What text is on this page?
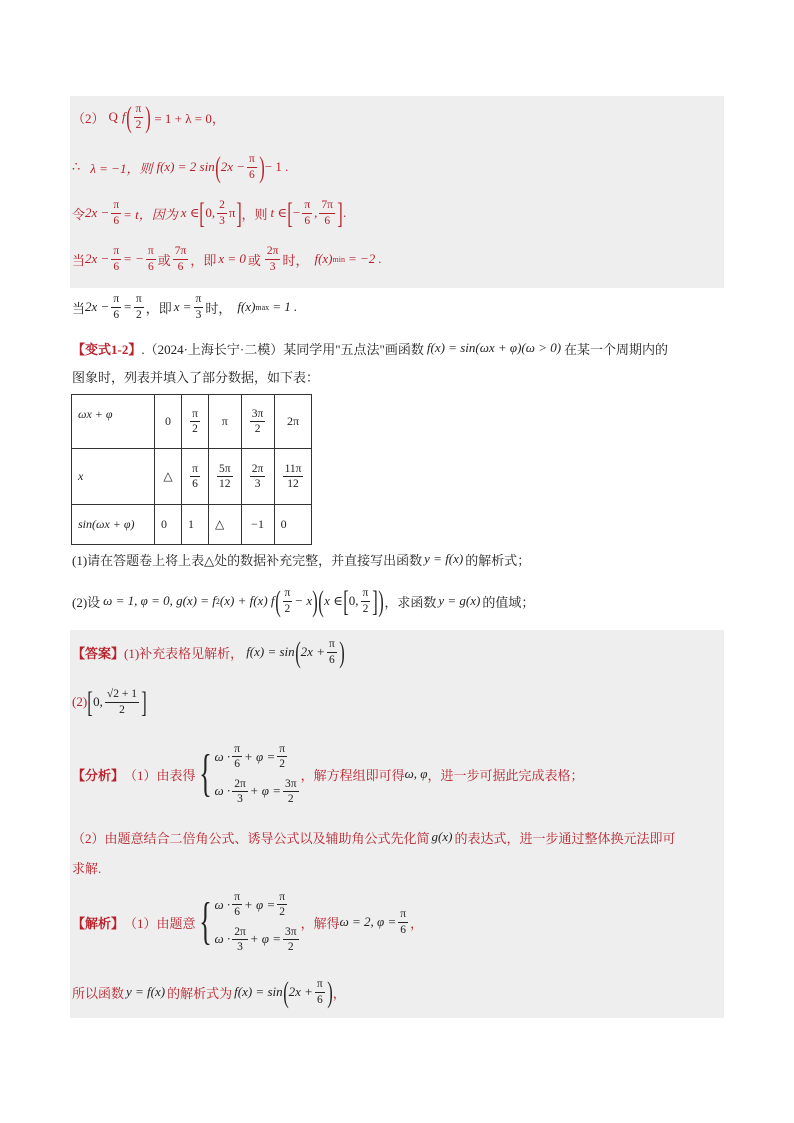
（2） Q f ( $\frac{\pi}{2}$ ) = 1 + λ = 0，
∴ λ = −1，则 f(x) = 2 sin ( $2x - \frac{\pi}{6}$ ) − 1 .
令 $2x - \frac{\pi}{6} = t$，因为 x ∈ [ 0, $\frac{2}{3}$ π ] ，则 t ∈ [ − $\frac{\pi}{6}$ , $\frac{7\pi}{6}$ ] .
当 $2x - \frac{\pi}{6}$ = − $\frac{\pi}{6}$ 或 $\frac{7\pi}{6}$ ，即 x = 0 或 $\frac{2\pi}{3}$ 时， f(x) min = −2 .
当 $2x - \frac{\pi}{6} = \frac{\pi}{2}$ ，即 $x = \frac{\pi}{3}$ 时， f(x) max = 1 .
【变式1-2】 .（2024·上海长宁·二模）某同学用"五点法"画函数 f(x) = sin(ωx + φ)(ω > 0) 在某一个周期内的
图象时，列表并填入了部分数据，如下表：
ωx + φ	0	$\frac{\pi}{2}$	π	$\frac{3\pi}{2}$	2π
x	△	$\frac{\pi}{6}$	$\frac{5\pi}{12}$	$\frac{2\pi}{3}$	$\frac{11\pi}{12}$

sin(ωx + φ)	0	1	△	−1	0
(1)请在答题卷上将上表△处的数据补充完整，并直接写出函数 y = f(x) 的解析式；
(2)设 ω = 1, φ = 0, g(x) = f 2 (x) + f(x) f ( $\frac{\pi}{2} - x$ ) ( x ∈ [ 0, $\frac{\pi}{2}$ ] ) ，求函数 y = g(x) 的值域；
【答案】 (1)补充表格见解析， f(x) = sin ( $2x + \frac{\pi}{6}$ )
(2) [ 0, $\frac{√2 + 1}{2}$ ]
【分析】 （1）由表得 { $\omega \cdot \frac{\pi}{6} + \varphi = \frac{\pi}{2}$
$\omega \cdot \frac{2\pi}{3} + \varphi = \frac{3\pi}{2}$
，解方程组即可得 ω, φ ，进一步可据此完成表格；
（2）由题意结合二倍角公式、诱导公式以及辅助角公式先化简 g(x) 的表达式，进一步通过整体换元法即可
求解.
【解析】 （1）由题意 { $\omega \cdot \frac{\pi}{6} + \varphi = \frac{\pi}{2}$
$\omega \cdot \frac{2\pi}{3} + \varphi = \frac{3\pi}{2}$
，解得 ω = 2, $\varphi = \frac{\pi}{6}$ ，
所以函数 y = f(x) 的解析式为 f(x) = sin ( $2x + \frac{\pi}{6}$ ) ，
